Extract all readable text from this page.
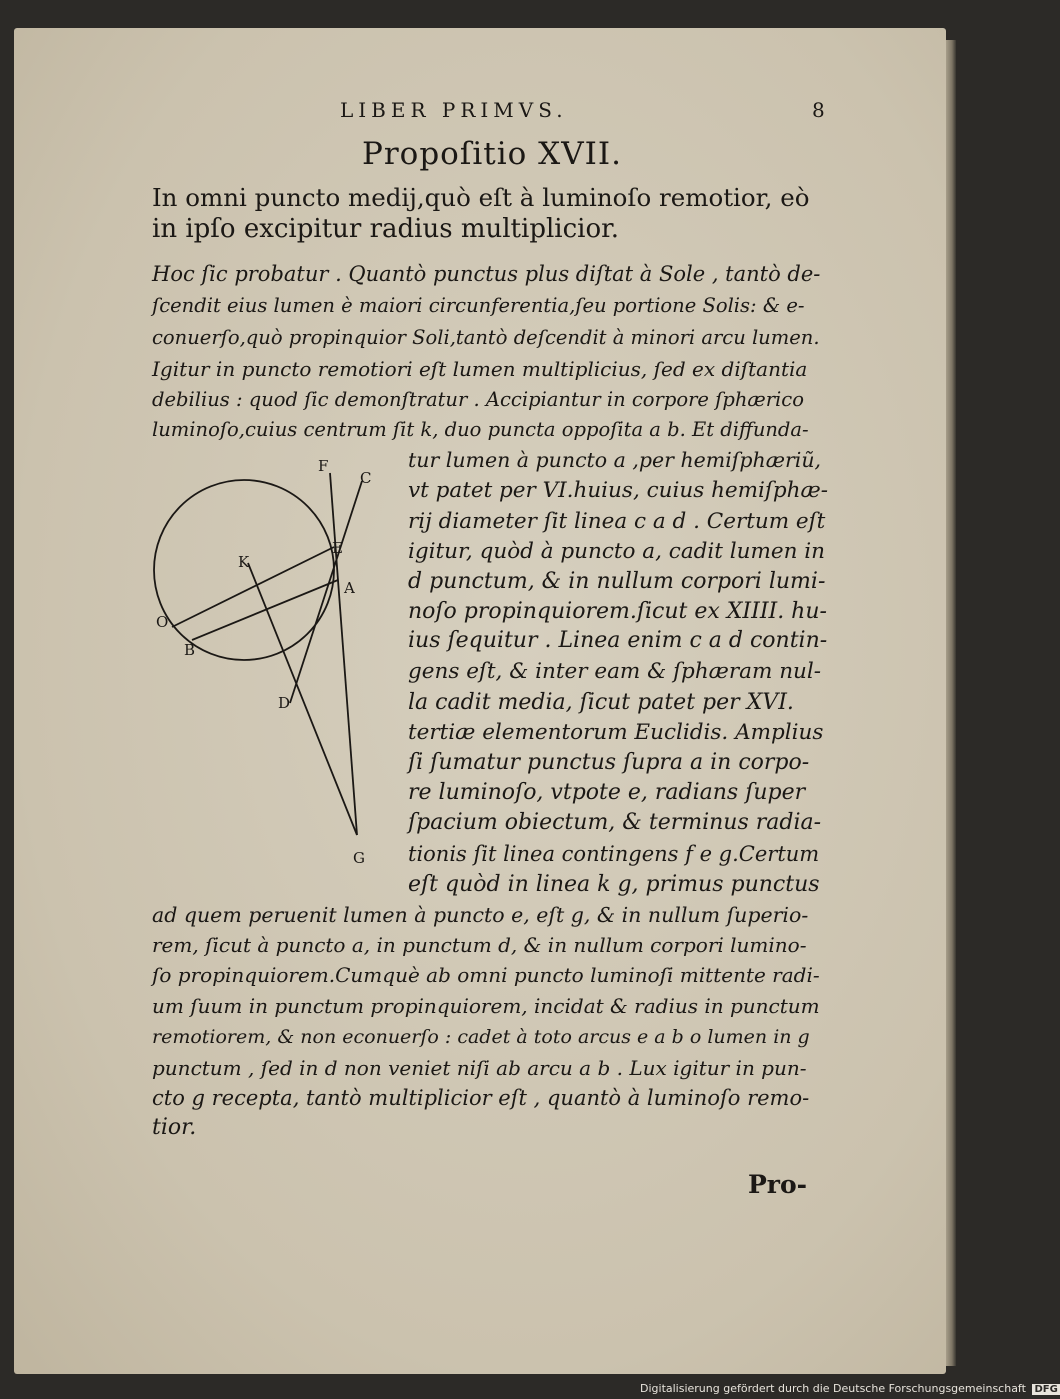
LIBER PRIMVS.	8

Propoſitio XVII.

In omni puncto medij,quò eſt à luminoſo remotior, eò

in ipſo excipitur radius multiplicior.

Hoc ſic probatur . Quantò punctus plus diſtat à Sole , tantò de-

ſcendit eius lumen è maiori circunferentia,ſeu portione Solis: & e-

conuerſo,quò propinquior Soli,tantò deſcendit à minori arcu lumen.

Igitur in puncto remotiori eſt lumen multiplicius, ſed ex diſtantia

debilius : quod ſic demonſtratur . Accipiantur in corpore ſphærico

luminoſo,cuius centrum ſit k, duo puncta oppoſita a b. Et diffunda-

tur lumen à puncto a ,per hemiſphæriũ,

vt patet per VI.huius, cuius hemiſphæ-

rij diameter ſit linea c a d . Certum eſt

igitur, quòd à puncto a, cadit lumen in

d punctum, & in nullum corpori lumi-

noſo propinquiorem.ſicut ex XIIII. hu-

ius ſequitur . Linea enim c a d contin-

gens eſt, & inter eam & ſphæram nul-

la cadit media, ſicut patet per XVI.

tertiæ elementorum Euclidis. Amplius

ſi ſumatur punctus ſupra a in corpo-

re luminoſo, vtpote e, radians ſuper

ſpacium obiectum, & terminus radia-

tionis ſit linea contingens f e g.Certum

eſt quòd in linea k g, primus punctus

ad quem peruenit lumen à puncto e, eſt g, & in nullum ſuperio-

rem, ſicut à puncto a, in punctum d, & in nullum corpori lumino-

ſo propinquiorem.Cumquè ab omni puncto luminoſi mittente radi-

um ſuum in punctum propinquiorem, incidat & radius in punctum

remotiorem, & non econuerſo : cadet à toto arcus e a b o lumen in g

punctum , ſed in d non veniet niſi ab arcu a b . Lux igitur in pun-

cto g recepta, tantò multiplicior eſt , quantò à luminoſo remo-

tior.

F
C
E
K
A
O
B
D
G

Pro-

Digitalisierung gefördert durch die Deutsche Forschungsgemeinschaft DFG
